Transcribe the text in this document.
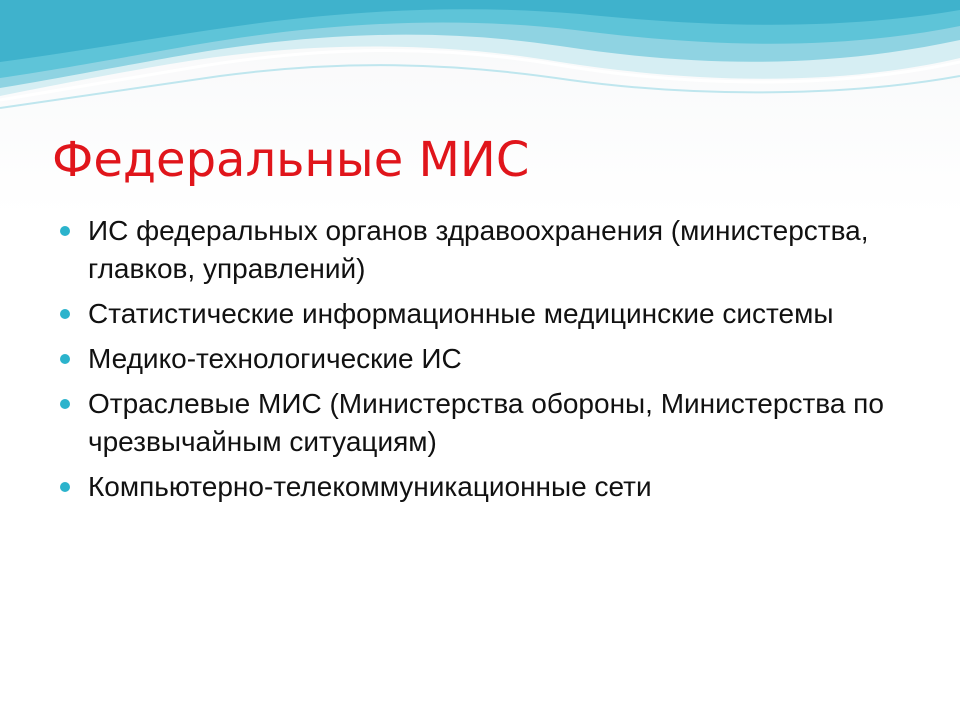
Федеральные МИС
ИС федеральных органов здравоохранения (министерства, главков, управлений)
Статистические информационные медицинские системы
Медико-технологические ИС
Отраслевые МИС (Министерства обороны, Министерства по чрезвычайным ситуациям)
Компьютерно-телекоммуникационные сети
